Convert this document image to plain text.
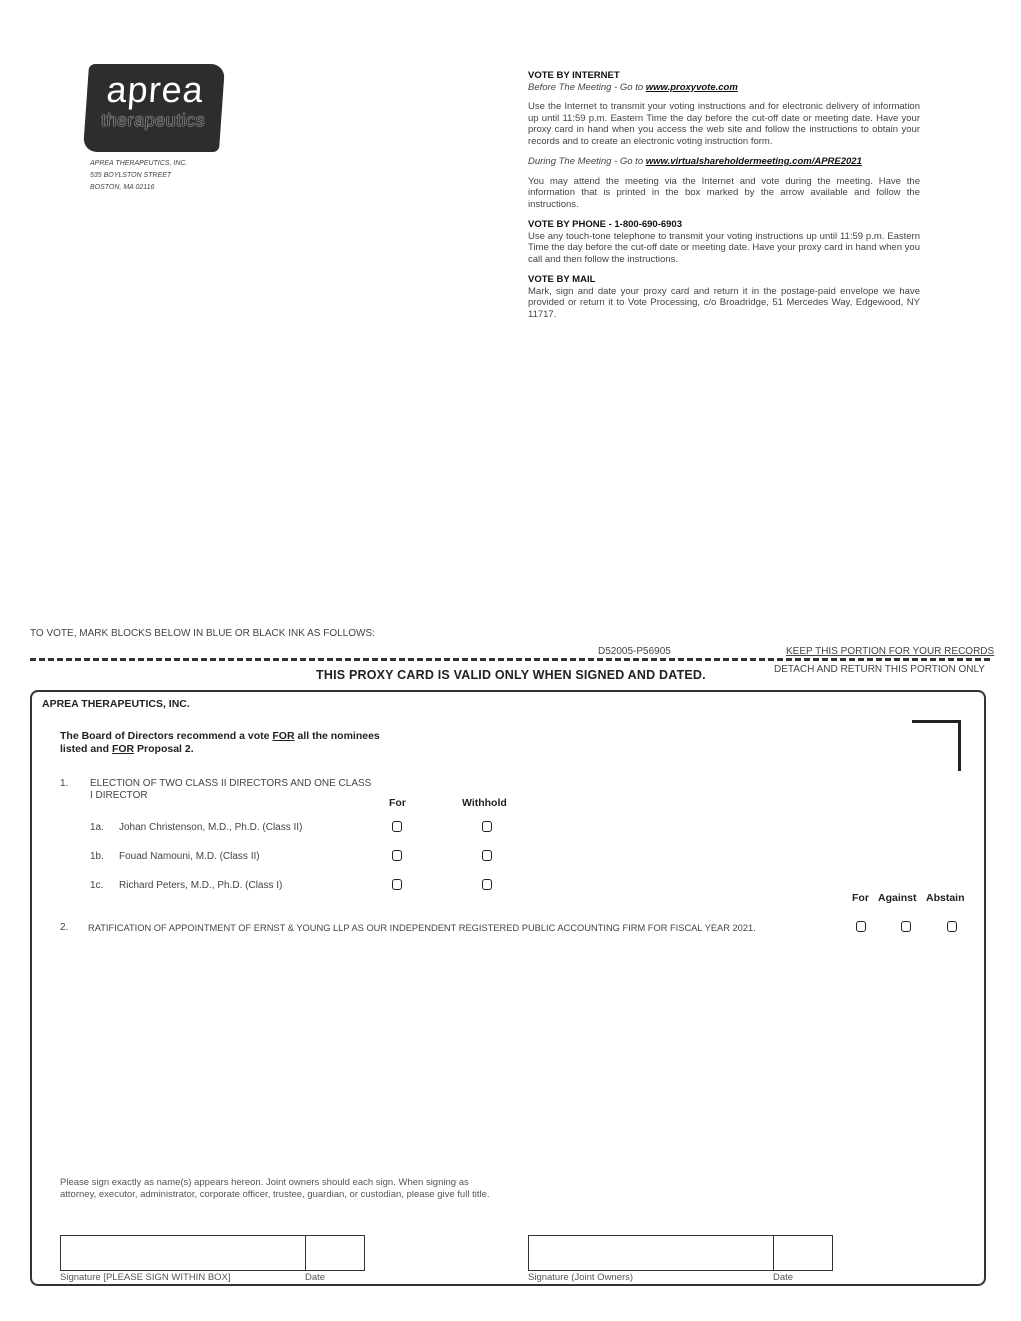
aprea
therapeutics
APREA THERAPEUTICS, INC.
535 BOYLSTON STREET
BOSTON, MA 02116
VOTE BY INTERNET
Before The Meeting - Go to www.proxyvote.com

Use the Internet to transmit your voting instructions and for electronic delivery of information up until 11:59 p.m. Eastern Time the day before the cut-off date or meeting date. Have your proxy card in hand when you access the web site and follow the instructions to obtain your records and to create an electronic voting instruction form.

During The Meeting - Go to www.virtualshareholdermeeting.com/APRE2021

You may attend the meeting via the Internet and vote during the meeting. Have the information that is printed in the box marked by the arrow available and follow the instructions.

VOTE BY PHONE - 1-800-690-6903

Use any touch-tone telephone to transmit your voting instructions up until 11:59 p.m. Eastern Time the day before the cut-off date or meeting date. Have your proxy card in hand when you call and then follow the instructions.

VOTE BY MAIL

Mark, sign and date your proxy card and return it in the postage-paid envelope we have provided or return it to Vote Processing, c/o Broadridge, 51 Mercedes Way, Edgewood, NY 11717.

TO VOTE, MARK BLOCKS BELOW IN BLUE OR BLACK INK AS FOLLOWS:
D52005-P56905	KEEP THIS PORTION FOR YOUR RECORDS
DETACH AND RETURN THIS PORTION ONLY
THIS PROXY CARD IS VALID ONLY WHEN SIGNED AND DATED.
APREA THERAPEUTICS, INC.
The Board of Directors recommend a vote FOR all the nominees listed and FOR Proposal 2.
1. ELECTION OF TWO CLASS II DIRECTORS AND ONE CLASS I DIRECTOR
For	Withhold
1a. Johan Christenson, M.D., Ph.D. (Class II)
1b. Fouad Namouni, M.D. (Class II)
1c. Richard Peters, M.D., Ph.D. (Class I)
For Against Abstain
2. RATIFICATION OF APPOINTMENT OF ERNST & YOUNG LLP AS OUR INDEPENDENT REGISTERED PUBLIC ACCOUNTING FIRM FOR FISCAL YEAR 2021.
Please sign exactly as name(s) appears hereon. Joint owners should each sign. When signing as attorney, executor, administrator, corporate officer, trustee, guardian, or custodian, please give full title.
Signature [PLEASE SIGN WITHIN BOX]	Date	Signature (Joint Owners)	Date
